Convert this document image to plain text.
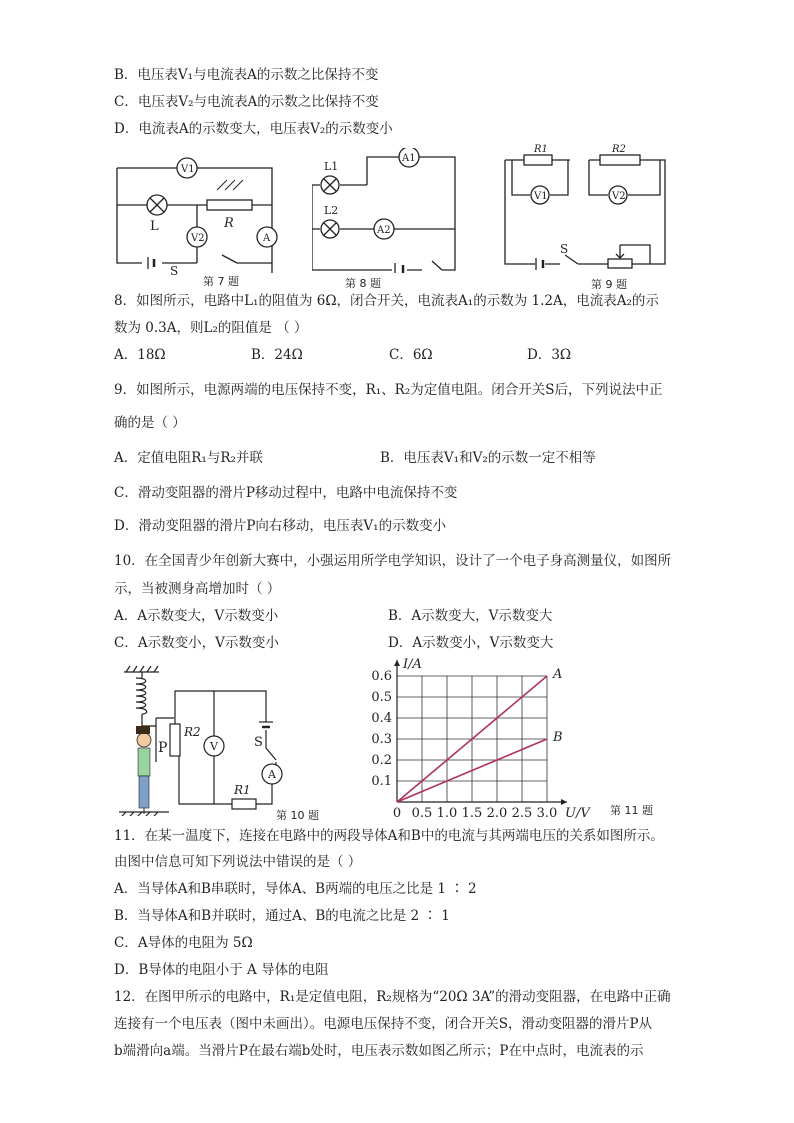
B．电压表V₁与电流表A的示数之比保持不变
C．电压表V₂与电流表A的示数之比保持不变
D．电流表A的示数变大，电压表V₂的示数变小
V1
V2	A
L	R
S
第 7 题
A1
A2
L1
L2
第 8 题
R1	R2
V1	V2
S
第 9 题
8．如图所示，电路中L₁的阻值为 6Ω，闭合开关，电流表A₁的示数为 1.2A，电流表A₂的示
数为 0.3A，则L₂的阻值是 （ ）
A．18Ω	B．24Ω	C．6Ω	D．3Ω
9．如图所示，电源两端的电压保持不变，R₁、R₂为定值电阻。闭合开关S后，下列说法中正
确的是（ ）
A．定值电阻R₁与R₂并联	B．电压表V₁和V₂的示数一定不相等
C．滑动变阻器的滑片P移动过程中，电路中电流保持不变
D．滑动变阻器的滑片P向右移动，电压表V₁的示数变小
10．在全国青少年创新大赛中，小强运用所学电学知识，设计了一个电子身高测量仪，如图所
示，当被测身高增加时（ ）
A．A示数变大，V示数变小	B．A示数变大，V示数变大
C．A示数变小，V示数变小	D．A示数变小，V示数变大
P
R2
V
A
S
R1
第 10 题	0 0.5 1.0 1.5 2.0 2.5 3.0
0.1
0.2
0.3
0.4
0.5
0.6
U/V
I/A
A
B
第 11 题
11．在某一温度下，连接在电路中的两段导体A和B中的电流与其两端电压的关系如图所示。
由图中信息可知下列说法中错误的是（ ）
A．当导体A和B串联时，导体A、B两端的电压之比是 1 ∶ 2
B．当导体A和B并联时，通过A、B的电流之比是 2 ∶ 1
C．A导体的电阻为 5Ω
D．B导体的电阻小于 A 导体的电阻
12．在图甲所示的电路中，R₁是定值电阻，R₂规格为“20Ω 3A”的滑动变阻器，在电路中正确
连接有一个电压表（图中未画出）。电源电压保持不变，闭合开关S，滑动变阻器的滑片P从
b端滑向a端。当滑片P在最右端b处时，电压表示数如图乙所示；P在中点时，电流表的示
